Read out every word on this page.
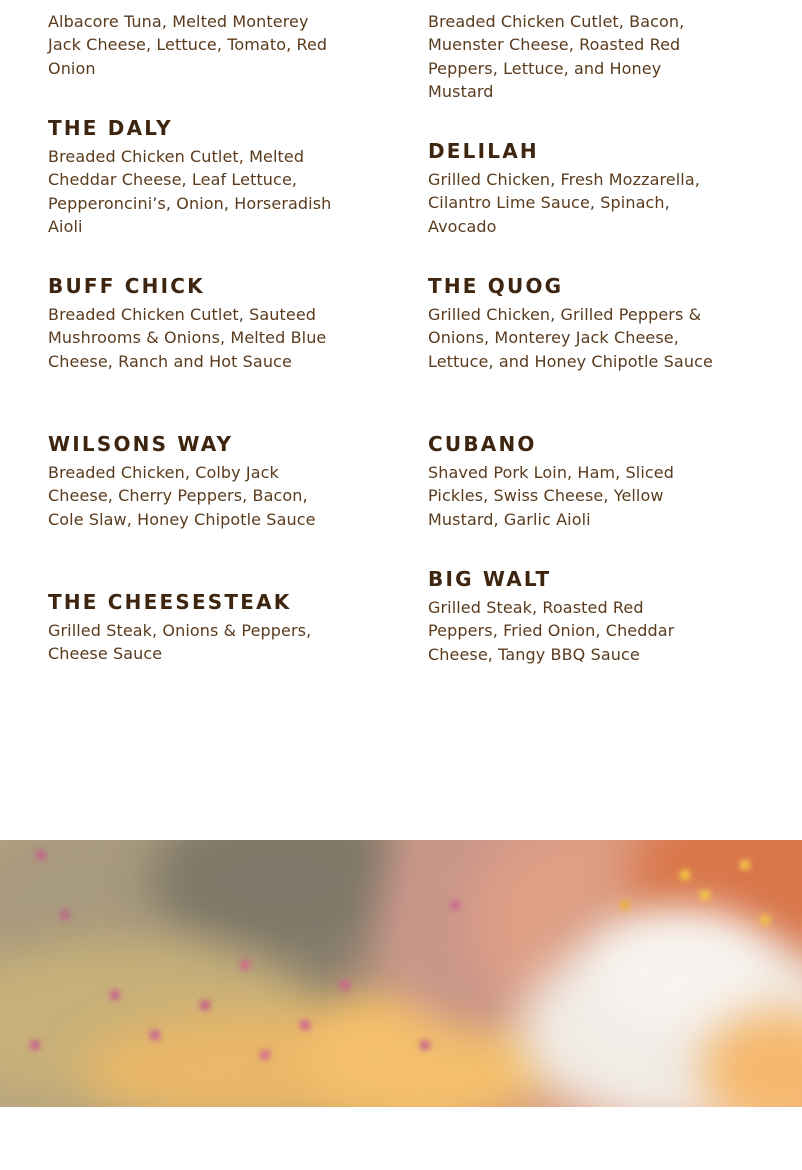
Albacore Tuna, Melted Monterey Jack Cheese, Lettuce, Tomato, Red Onion

THE DALY

Breaded Chicken Cutlet, Melted Cheddar Cheese, Leaf Lettuce, Pepperoncini’s, Onion, Horseradish Aioli

BUFF CHICK

Breaded Chicken Cutlet, Sauteed Mushrooms & Onions, Melted Blue Cheese, Ranch and Hot Sauce

WILSONS WAY

Breaded Chicken, Colby Jack Cheese, Cherry Peppers, Bacon, Cole Slaw, Honey Chipotle Sauce

THE CHEESESTEAK

Grilled Steak, Onions & Peppers, Cheese Sauce

Breaded Chicken Cutlet, Bacon, Muenster Cheese, Roasted Red Peppers, Lettuce, and Honey Mustard

DELILAH

Grilled Chicken, Fresh Mozzarella, Cilantro Lime Sauce, Spinach, Avocado

THE QUOG

Grilled Chicken, Grilled Peppers & Onions, Monterey Jack Cheese, Lettuce, and Honey Chipotle Sauce

CUBANO

Shaved Pork Loin, Ham, Sliced Pickles, Swiss Cheese, Yellow Mustard, Garlic Aioli

BIG WALT

Grilled Steak, Roasted Red Peppers, Fried Onion, Cheddar Cheese, Tangy BBQ Sauce
